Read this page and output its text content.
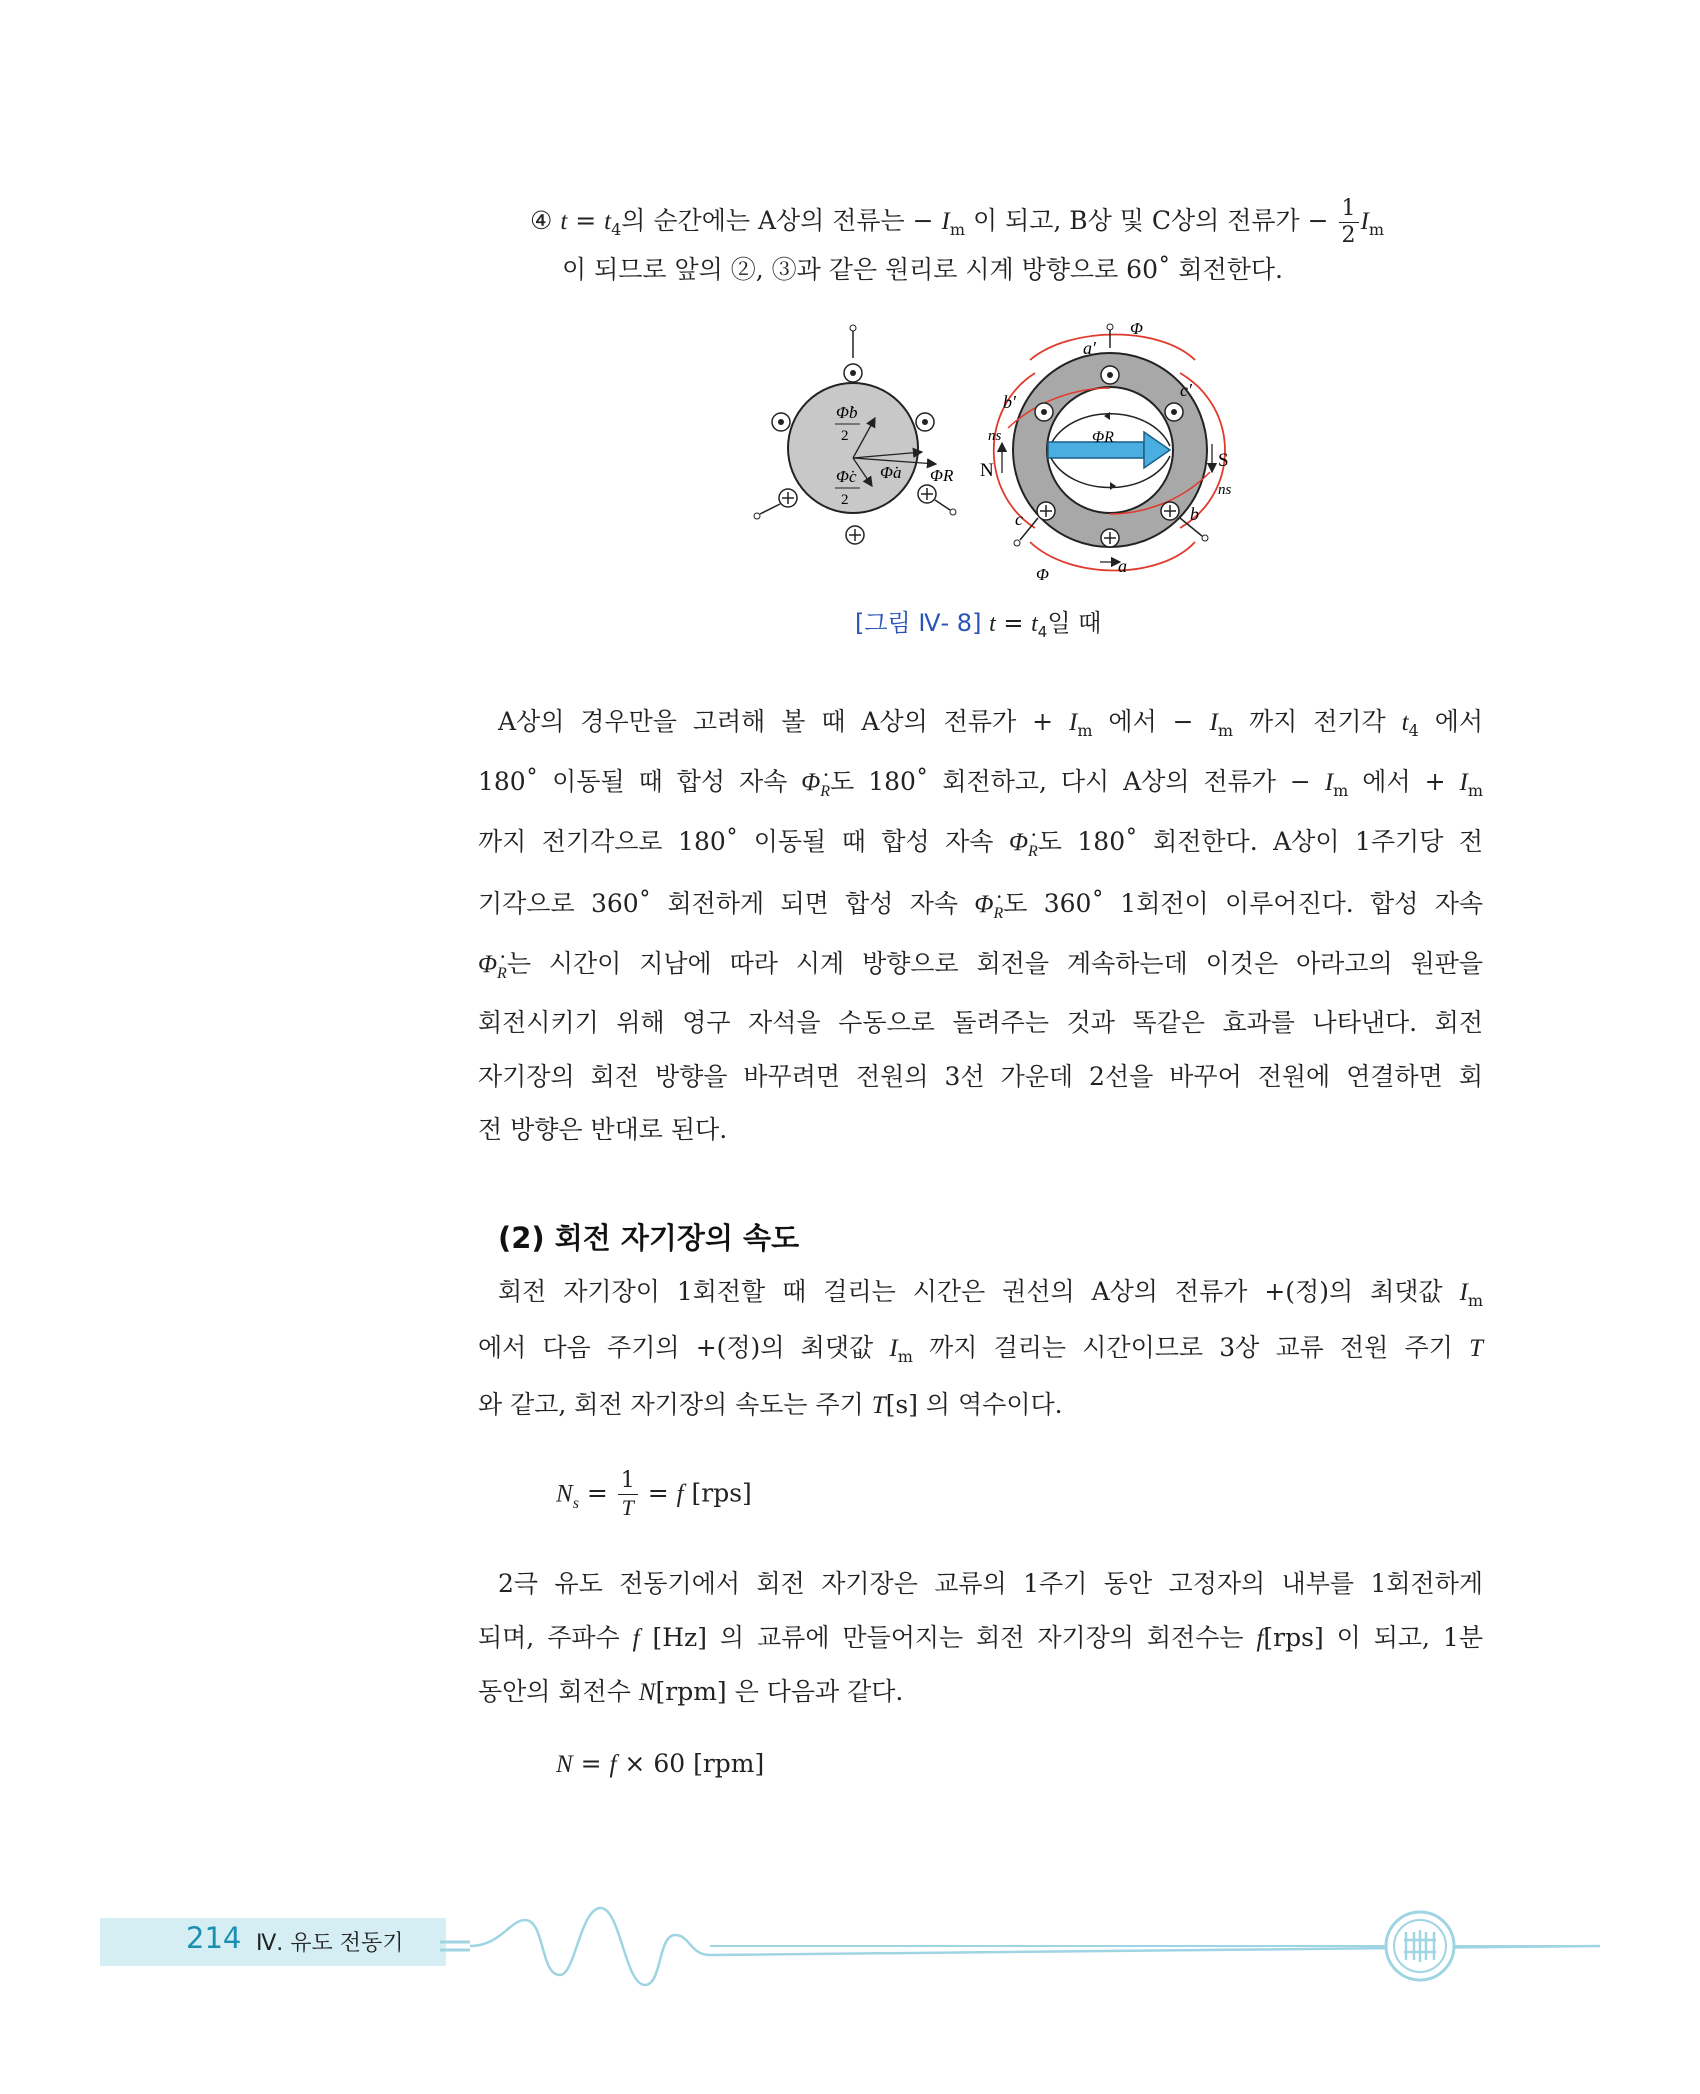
④ $t = t_4$의 순간에는 A상의 전류는 − $I_m$ 이 되고, B상 및 C상의 전류가 − $\frac{1}{2} I_m$
이 되므로 앞의 ②, ③과 같은 원리로 시계 방향으로 60˚ 회전한다.
Φ̇b
2
Φ̇c
2
Φ̇a Φ̇R
Φ
Φ
a′
b′
c′
a
b
c
ns
ns
N	S
Φ̇R
[그림 Ⅳ- 8] $t = t_4$일 때
A상의 경우만을 고려해 볼 때 A상의 전류가 + $I_m$ 에서 − $I_m$ 까지 전기각 $t_4$ 에서
180˚ 이동될 때 합성 자속 $\Phi̇_R$도 180˚ 회전하고, 다시 A상의 전류가 − $I_m$ 에서 + $I_m$
까지 전기각으로 180˚ 이동될 때 합성 자속 $\Phi̇_R$도 180˚ 회전한다. A상이 1주기당 전
기각으로 360˚ 회전하게 되면 합성 자속 $\Phi̇_R$도 360˚ 1회전이 이루어진다. 합성 자속
$\Phi̇_R$는 시간이 지남에 따라 시계 방향으로 회전을 계속하는데 이것은 아라고의 원판을
회전시키기 위해 영구 자석을 수동으로 돌려주는 것과 똑같은 효과를 나타낸다. 회전
자기장의 회전 방향을 바꾸려면 전원의 3선 가운데 2선을 바꾸어 전원에 연결하면 회
전 방향은 반대로 된다.
(2) 회전 자기장의 속도
회전 자기장이 1회전할 때 걸리는 시간은 권선의 A상의 전류가 +(정)의 최댓값 $I_m$
에서 다음 주기의 +(정)의 최댓값 $I_m$ 까지 걸리는 시간이므로 3상 교류 전원 주기 T
와 같고, 회전 자기장의 속도는 주기 T[s] 의 역수이다.
$N_s = \frac{1}{T} = f$ [rps]
2극 유도 전동기에서 회전 자기장은 교류의 1주기 동안 고정자의 내부를 1회전하게
되며, 주파수 f [Hz] 의 교류에 만들어지는 회전 자기장의 회전수는 f[rps] 이 되고, 1분
동안의 회전수 N[rpm] 은 다음과 같다.
N = f × 60 [rpm]
214 Ⅳ. 유도 전동기
